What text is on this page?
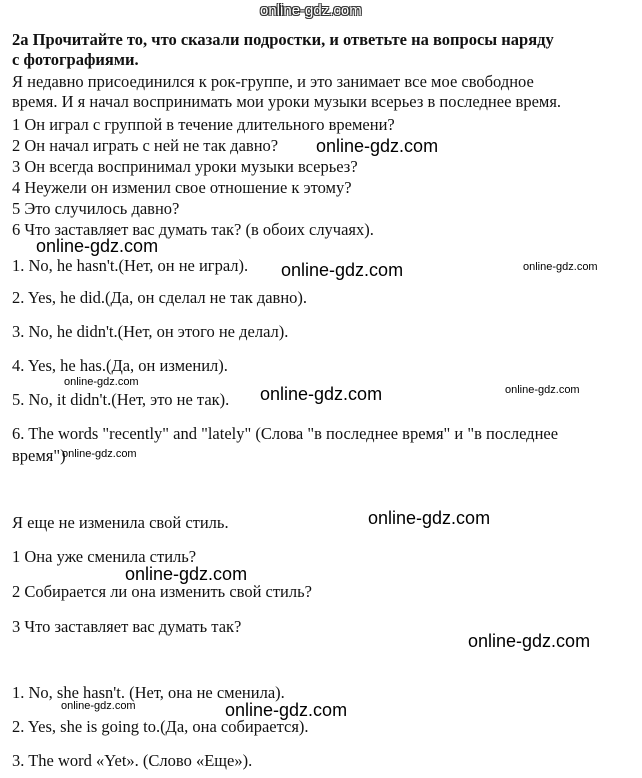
online-gdz.com
2a Прочитайте то, что сказали подростки, и ответьте на вопросы наряду
с фотографиями.
Я недавно присоединился к рок-группе, и это занимает все мое свободное
время. И я начал воспринимать мои уроки музыки всерьез в последнее время.
1 Он играл с группой в течение длительного времени?
2 Он начал играть с ней не так давно?
3 Он всегда воспринимал уроки музыки всерьез?
4 Неужели он изменил свое отношение к этому?
5 Это случилось давно?
6 Что заставляет вас думать так? (в обоих случаях).
1. No, he hasn't.(Нет, он не играл).
2. Yes, he did.(Да, он сделал не так давно).
3. No, he didn't.(Нет, он этого не делал).
4. Yes, he has.(Да, он изменил).
5. No, it didn't.(Нет, это не так).
6. The words "recently" and "lately" (Слова "в последнее время" и "в последнее
время")
Я еще не изменила свой стиль.
1 Она уже сменила стиль?
2 Собирается ли она изменить свой стиль?
3 Что заставляет вас думать так?
1. No, she hasn't. (Нет, она не сменила).
2. Yes, she is going to.(Да, она собирается).
3. The word «Yet». (Слово «Еще»).
online-gdz.com
online-gdz.com
online-gdz.com	online-gdz.com
online-gdz.com
online-gdz.com	online-gdz.com
online-gdz.com
online-gdz.com
online-gdz.com
online-gdz.com
online-gdz.com
online-gdz.com
